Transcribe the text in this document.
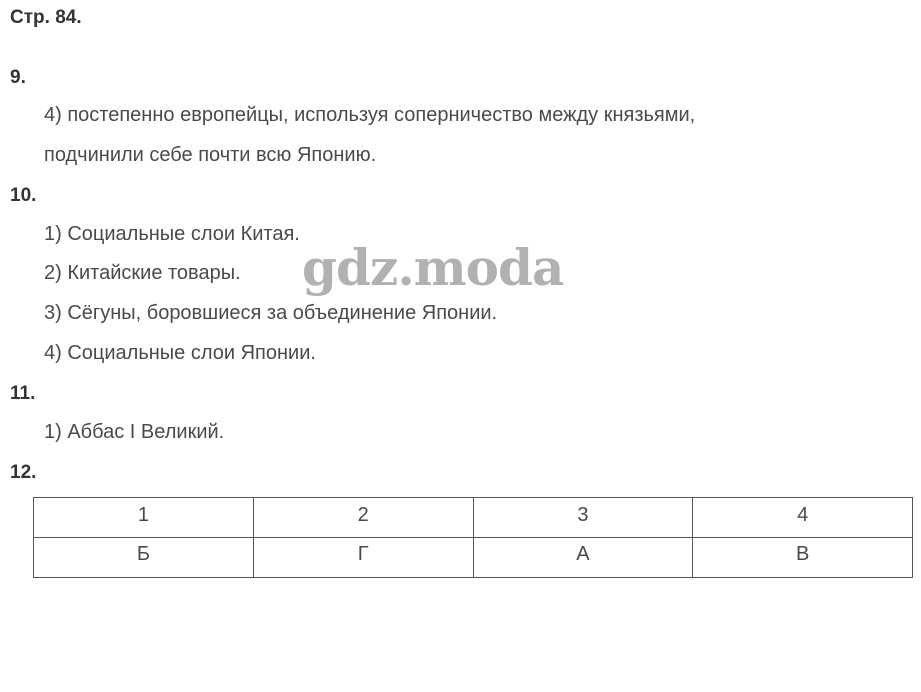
Стр. 84.
9.
4) постепенно европейцы, используя соперничество между князьями,
подчинили себе почти всю Японию.
10.
1) Социальные слои Китая.
2) Китайские товары.
3) Сёгуны, боровшиеся за объединение Японии.
4) Социальные слои Японии.
11.
1) Аббас I Великий.
12.
gdz.moda
1	2	3	4
Б	Г	А	В
